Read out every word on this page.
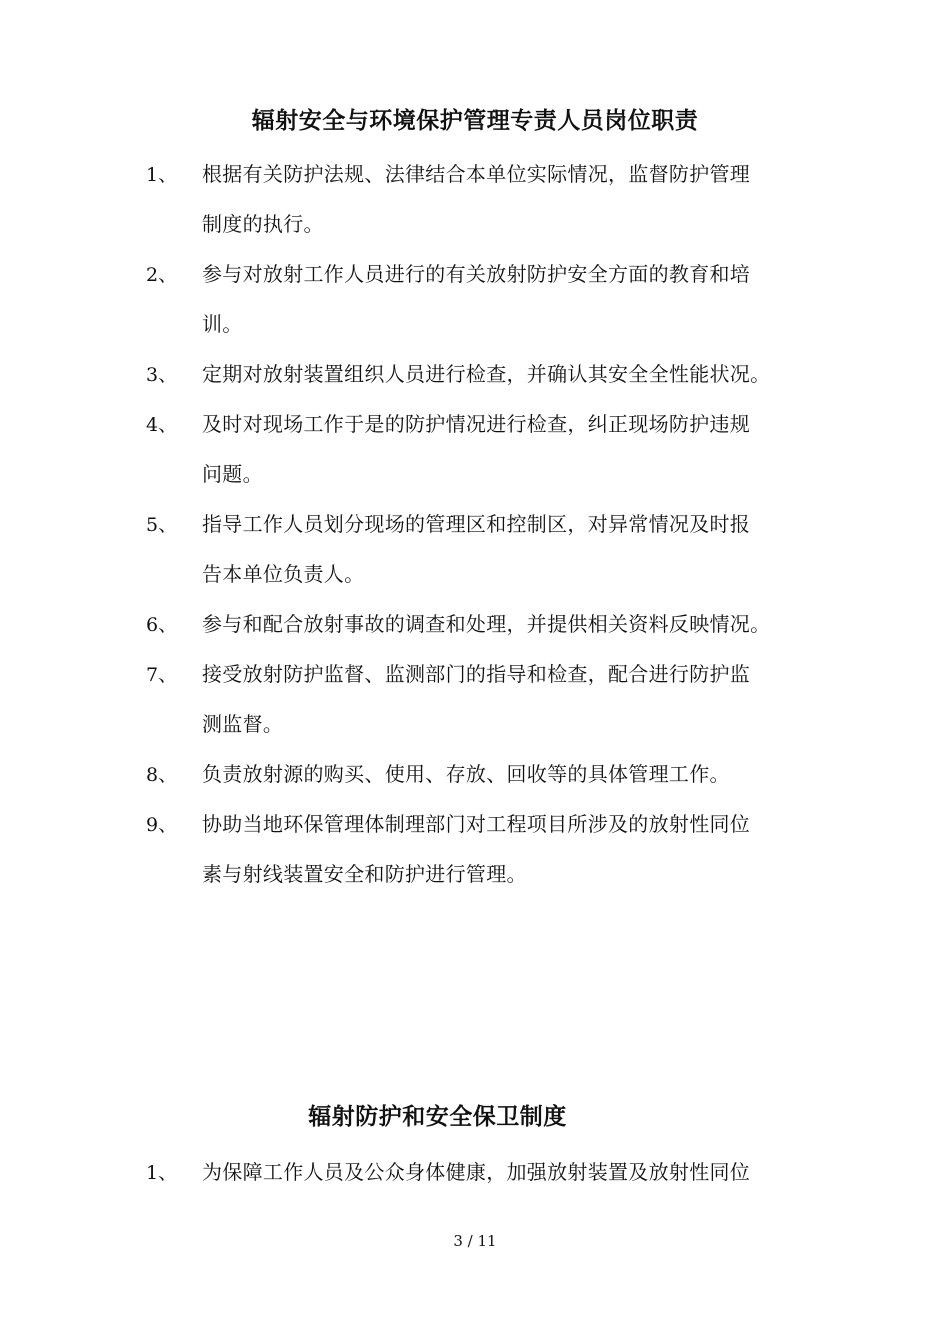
辐射安全与环境保护管理专责人员岗位职责
1、 根据有关防护法规、法律结合本单位实际情况，监督防护管理
制度的执行。
2、 参与对放射工作人员进行的有关放射防护安全方面的教育和培
训。
3、 定期对放射装置组织人员进行检查，并确认其安全全性能状况。
4、 及时对现场工作于是的防护情况进行检查，纠正现场防护违规
问题。
5、 指导工作人员划分现场的管理区和控制区，对异常情况及时报
告本单位负责人。
6、 参与和配合放射事故的调查和处理，并提供相关资料反映情况。
7、 接受放射防护监督、监测部门的指导和检查，配合进行防护监
测监督。
8、 负责放射源的购买、使用、存放、回收等的具体管理工作。
9、 协助当地环保管理体制理部门对工程项目所涉及的放射性同位
素与射线装置安全和防护进行管理。
辐射防护和安全保卫制度
1、 为保障工作人员及公众身体健康，加强放射装置及放射性同位
3 / 11
